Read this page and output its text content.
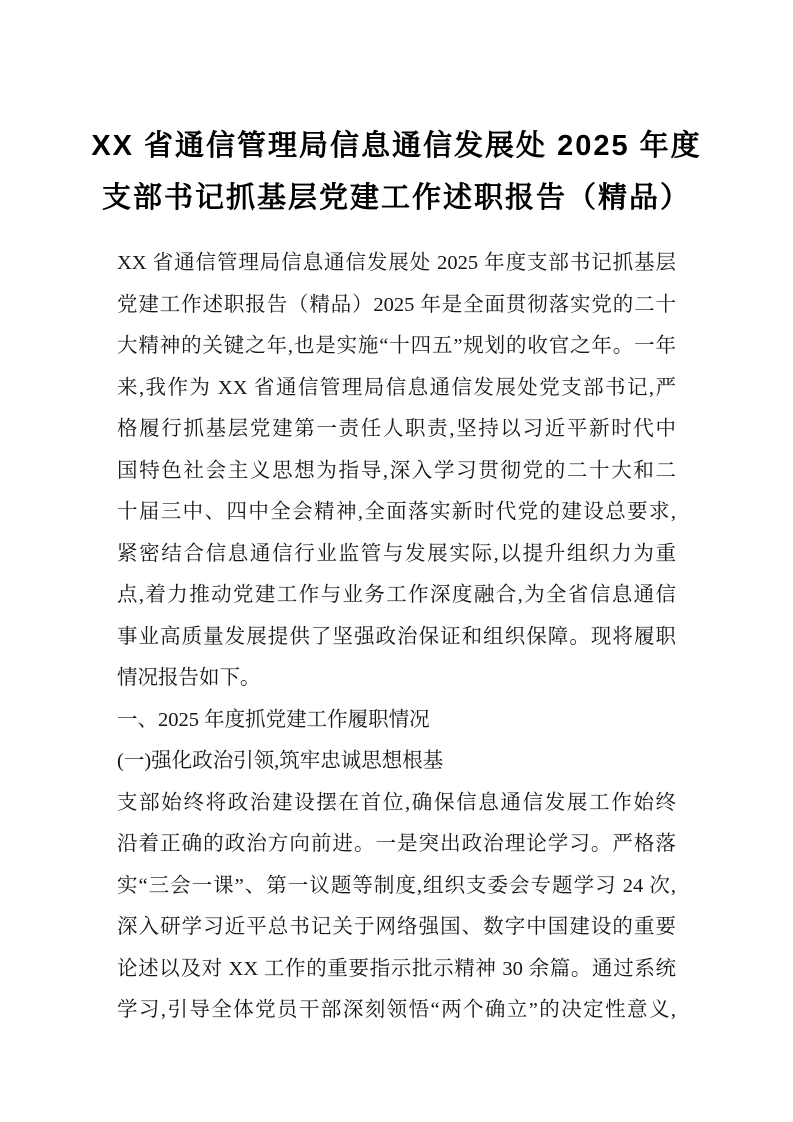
XX 省通信管理局信息通信发展处 2025 年度
支部书记抓基层党建工作述职报告（精品）
XX 省通信管理局信息通信发展处 2025 年度支部书记抓基层
党建工作述职报告（精品）2025 年是全面贯彻落实党的二十
大精神的关键之年,也是实施“十四五”规划的收官之年。一年
来,我作为 XX 省通信管理局信息通信发展处党支部书记,严
格履行抓基层党建第一责任人职责,坚持以习近平新时代中
国特色社会主义思想为指导,深入学习贯彻党的二十大和二
十届三中、四中全会精神,全面落实新时代党的建设总要求,
紧密结合信息通信行业监管与发展实际,以提升组织力为重
点,着力推动党建工作与业务工作深度融合,为全省信息通信
事业高质量发展提供了坚强政治保证和组织保障。现将履职
情况报告如下。
一、2025 年度抓党建工作履职情况
(一)强化政治引领,筑牢忠诚思想根基
支部始终将政治建设摆在首位,确保信息通信发展工作始终
沿着正确的政治方向前进。一是突出政治理论学习。严格落
实“三会一课”、第一议题等制度,组织支委会专题学习 24 次,
深入研学习近平总书记关于网络强国、数字中国建设的重要
论述以及对 XX 工作的重要指示批示精神 30 余篇。通过系统
学习,引导全体党员干部深刻领悟“两个确立”的决定性意义,
